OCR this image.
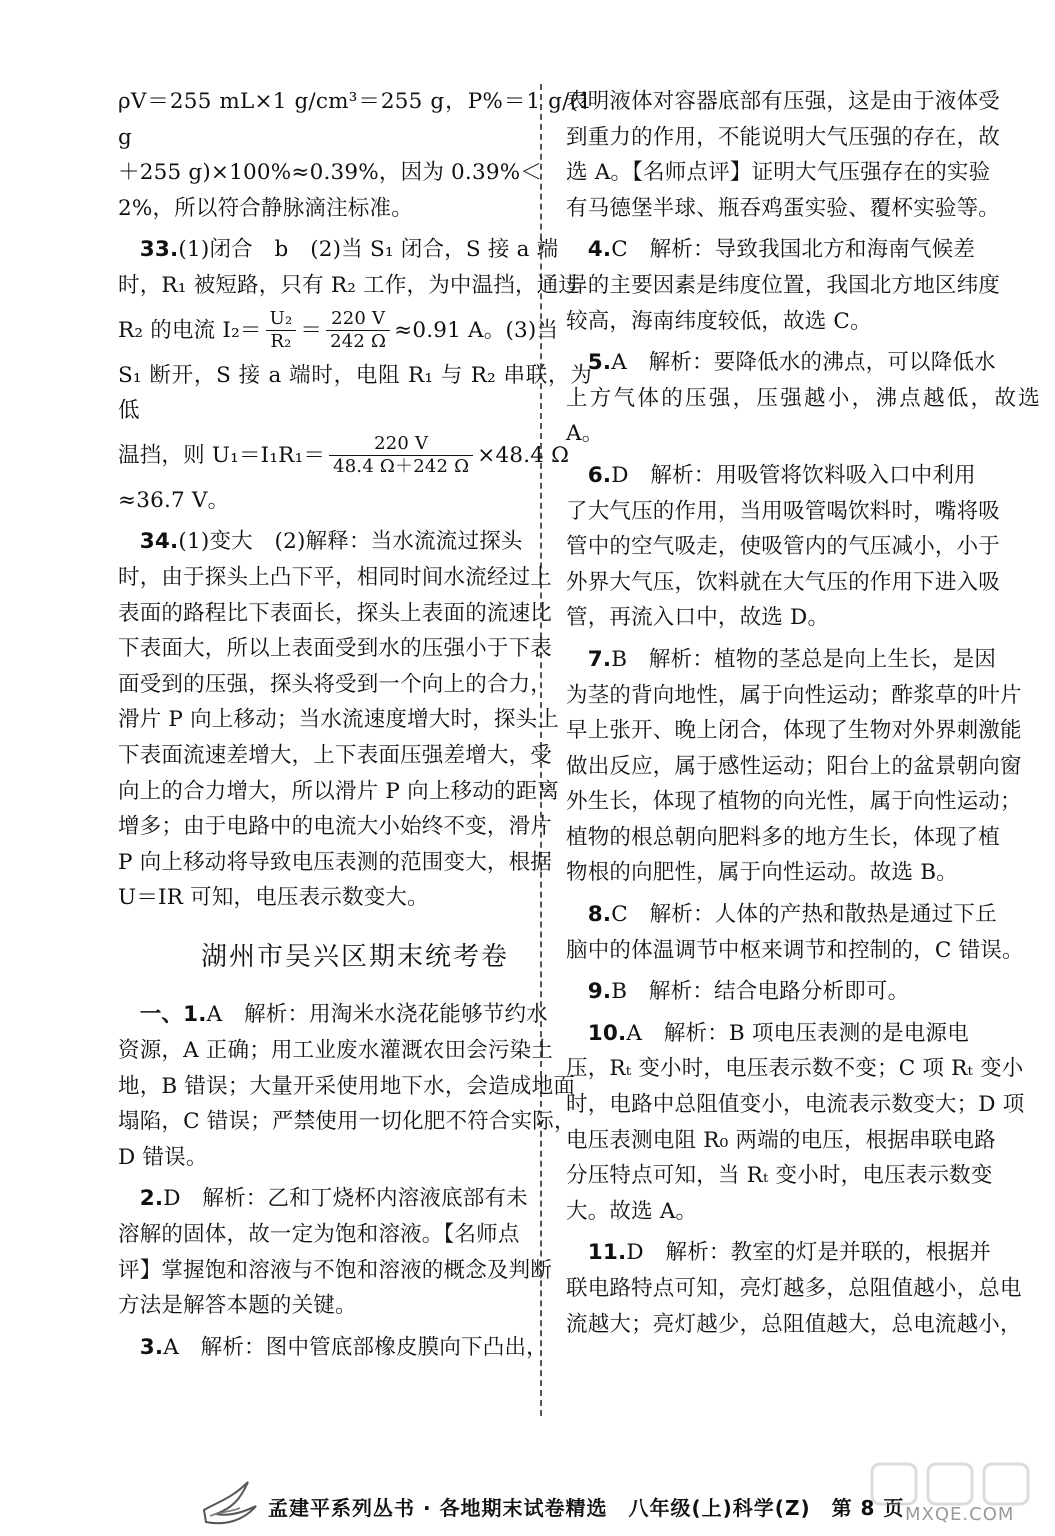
ρV＝255 mL×1 g/cm³＝255 g，P%＝1 g/(1 g

＋255 g)×100%≈0.39%，因为 0.39%＜

2%，所以符合静脉滴注标准。

 33.(1)闭合　b　(2)当 S₁ 闭合，S 接 a 端

时，R₁ 被短路，只有 R₂ 工作，为中温挡，通过

R₂ 的电流 $I_2= \frac{\text{U₂}}{\text{R₂}} = \frac{220 V}{242 \Omega} \approx 0.91$ A。(3)当

S₁ 断开，S 接 a 端时，电阻 R₁ 与 R₂ 串联，为低

温挡，则 $U_1=I_1R_1= \frac{220 V}{48.4 \Omega+242 \Omega} \times 48.4$ Ω

≈36.7 V。

 34.(1)变大　(2)解释：当水流流过探头

时，由于探头上凸下平，相同时间水流经过上

表面的路程比下表面长，探头上表面的流速比

下表面大，所以上表面受到水的压强小于下表

面受到的压强，探头将受到一个向上的合力，

滑片 P 向上移动；当水流速度增大时，探头上

下表面流速差增大，上下表面压强差增大，受

向上的合力增大，所以滑片 P 向上移动的距离

增多；由于电路中的电流大小始终不变，滑片

P 向上移动将导致电压表测的范围变大，根据

U＝IR 可知，电压表示数变大。

湖州市吴兴区期末统考卷

 一、1.A　解析：用淘米水浇花能够节约水

资源，A 正确；用工业废水灌溉农田会污染土

地，B 错误；大量开采使用地下水，会造成地面

塌陷，C 错误；严禁使用一切化肥不符合实际，

D 错误。

 2.D　解析：乙和丁烧杯内溶液底部有未

溶解的固体，故一定为饱和溶液。【名师点

评】掌握饱和溶液与不饱和溶液的概念及判断

方法是解答本题的关键。

 3.A　解析：图中管底部橡皮膜向下凸出，

表明液体对容器底部有压强，这是由于液体受

到重力的作用，不能说明大气压强的存在，故

选 A。【名师点评】证明大气压强存在的实验

有马德堡半球、瓶吞鸡蛋实验、覆杯实验等。

 4.C　解析：导致我国北方和海南气候差

异的主要因素是纬度位置，我国北方地区纬度

较高，海南纬度较低，故选 C。

 5.A　解析：要降低水的沸点，可以降低水

上方气体的压强，压强越小，沸点越低，故选 A。

 6.D　解析：用吸管将饮料吸入口中利用

了大气压的作用，当用吸管喝饮料时，嘴将吸

管中的空气吸走，使吸管内的气压减小，小于

外界大气压，饮料就在大气压的作用下进入吸

管，再流入口中，故选 D。

 7.B　解析：植物的茎总是向上生长，是因

为茎的背向地性，属于向性运动；酢浆草的叶片

早上张开、晚上闭合，体现了生物对外界刺激能

做出反应，属于感性运动；阳台上的盆景朝向窗

外生长，体现了植物的向光性，属于向性运动；

植物的根总朝向肥料多的地方生长，体现了植

物根的向肥性，属于向性运动。故选 B。

 8.C　解析：人体的产热和散热是通过下丘

脑中的体温调节中枢来调节和控制的，C 错误。

 9.B　解析：结合电路分析即可。

 10.A　解析：B 项电压表测的是电源电

压，Rₜ 变小时，电压表示数不变；C 项 Rₜ 变小

时，电路中总阻值变小，电流表示数变大；D 项

电压表测电阻 R₀ 两端的电压，根据串联电路

分压特点可知，当 Rₜ 变小时，电压表示数变

大。故选 A。

 11.D　解析：教室的灯是并联的，根据并

联电路特点可知，亮灯越多，总阻值越小，总电

流越大；亮灯越少，总阻值越大，总电流越小，

孟建平系列丛书 · 各地期末试卷精选　八年级(上)科学(Z)　第 8 页 MXQE.COM
